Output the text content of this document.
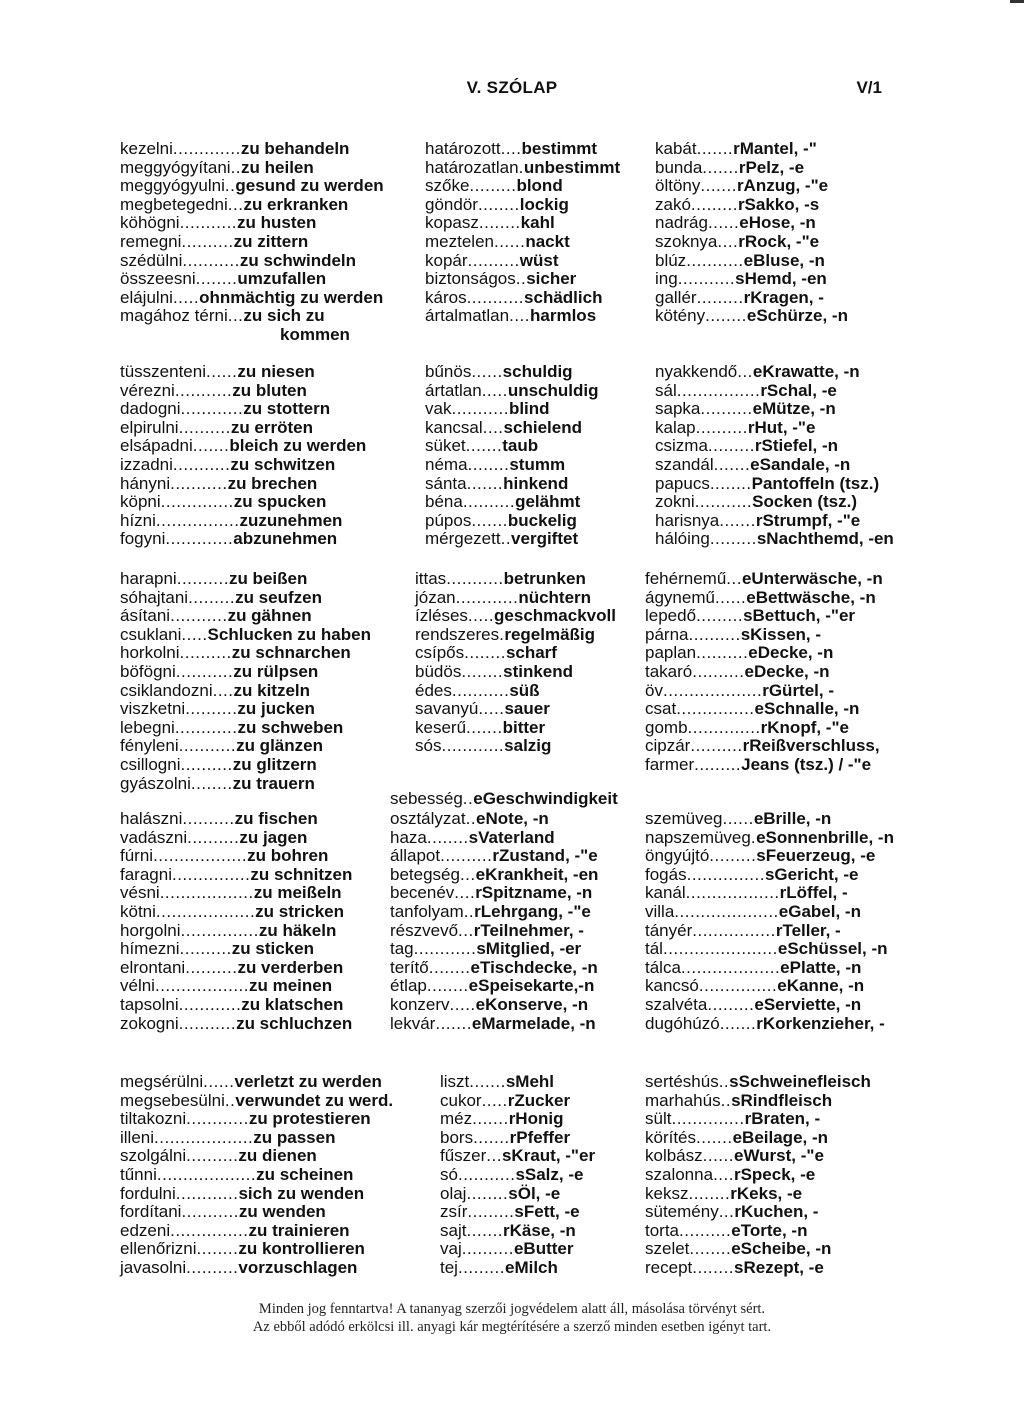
V. SZÓLAP	V/1
kezelni.............zu behandeln
meggyógyítani..zu heilen
meggyógyulni..gesund zu werden
megbetegedni...zu erkranken
köhögni...........zu husten
remegni..........zu zittern
szédülni...........zu schwindeln
összeesni........umzufallen
elájulni.....ohnmächtig zu werden
magához térni...zu sich zu
kommen
határozott....bestimmt
határozatlan.unbestimmt
szőke.........blond
göndör........lockig
kopasz........kahl
meztelen......nackt
kopár..........wüst
biztonságos..sicher
káros...........schädlich
ártalmatlan....harmlos
kabát.......rMantel, -"
bunda.......rPelz, -e
öltöny.......rAnzug, -"e
zakó.........rSakko, -s
nadrág......eHose, -n
szoknya....rRock, -"e
blúz...........eBluse, -n
ing...........sHemd, -en
gallér.........rKragen, -
kötény........eSchürze, -n
tüsszenteni......zu niesen
vérezni...........zu bluten
dadogni............zu stottern
elpirulni..........zu erröten
elsápadni.......bleich zu werden
izzadni...........zu schwitzen
hányni...........zu brechen
köpni..............zu spucken
hízni................zuzunehmen
fogyni.............abzunehmen
bűnös......schuldig
ártatlan.....unschuldig
vak...........blind
kancsal....schielend
süket.......taub
néma........stumm
sánta.......hinkend
béna..........gelähmt
púpos.......buckelig
mérgezett..vergiftet
nyakkendő...eKrawatte, -n
sál................rSchal, -e
sapka..........eMütze, -n
kalap..........rHut, -"e
csizma.........rStiefel, -n
szandál.......eSandale, -n
papucs........Pantoffeln (tsz.)
zokni...........Socken (tsz.)
harisnya.......rStrumpf, -"e
hálóing.........sNachthemd, -en
harapni..........zu beißen
sóhajtani.........zu seufzen
ásítani...........zu gähnen
csuklani.....Schlucken zu haben
horkolni..........zu schnarchen
böfögni...........zu rülpsen
csiklandozni....zu kitzeln
viszketni..........zu jucken
lebegni............zu schweben
fényleni...........zu glänzen
csillogni..........zu glitzern
gyászolni........zu trauern
ittas...........betrunken
józan............nüchtern
ízléses.....geschmackvoll
rendszeres.regelmäßig
csípős........scharf
büdös........stinkend
édes...........süß
savanyú.....sauer
keserű.......bitter
sós............salzig
fehérnemű...eUnterwäsche, -n
ágynemű......eBettwäsche, -n
lepedő.........sBettuch, -"er
párna..........sKissen, -
paplan..........eDecke, -n
takaró..........eDecke, -n
öv...................rGürtel, -
csat...............eSchnalle, -n
gomb..............rKnopf, -"e
cipzár..........rReißverschluss,
farmer.........Jeans (tsz.) / -"e
sebesség..eGeschwindigkeit
halászni..........zu fischen
vadászni..........zu jagen
fúrni..................zu bohren
faragni...............zu schnitzen
vésni..................zu meißeln
kötni...................zu stricken
horgolni...............zu häkeln
hímezni..........zu sticken
elrontani..........zu verderben
vélni..................zu meinen
tapsolni............zu klatschen
zokogni...........zu schluchzen
osztályzat..eNote, -n
haza........sVaterland
állapot..........rZustand, -"e
betegség...eKrankheit, -en
becenév....rSpitzname, -n
tanfolyam..rLehrgang, -"e
részvevő...rTeilnehmer, -
tag............sMitglied, -er
terítő........eTischdecke, -n
étlap........eSpeisekarte,-n
konzerv.....eKonserve, -n
lekvár.......eMarmelade, -n
szemüveg......eBrille, -n
napszemüveg.eSonnenbrille, -n
öngyújtó.........sFeuerzeug, -e
fogás...............sGericht, -e
kanál..................rLöffel, -
villa....................eGabel, -n
tányér................rTeller, -
tál......................eSchüssel, -n
tálca...................ePlatte, -n
kancsó...............eKanne, -n
szalvéta.........eServiette, -n
dugóhúzó.......rKorkenzieher, -
megsérülni......verletzt zu werden
megsebesülni..verwundet zu werd.
tiltakozni............zu protestieren
illeni...................zu passen
szolgálni..........zu dienen
tűnni...................zu scheinen
fordulni............sich zu wenden
fordítani...........zu wenden
edzeni...............zu trainieren
ellenőrizni........zu kontrollieren
javasolni..........vorzuschlagen
liszt.......sMehl
cukor.....rZucker
méz.......rHonig
bors.......rPfeffer
fűszer...sKraut, -"er
só...........sSalz, -e
olaj........sÖl, -e
zsír.........sFett, -e
sajt.......rKäse, -n
vaj..........eButter
tej.........eMilch
sertéshús..sSchweinefleisch
marhahús..sRindfleisch
sült..............rBraten, -
körítés.......eBeilage, -n
kolbász......eWurst, -"e
szalonna....rSpeck, -e
keksz........rKeks, -e
sütemény...rKuchen, -
torta..........eTorte, -n
szelet........eScheibe, -n
recept........sRezept, -e
Minden jog fenntartva! A tananyag szerzői jogvédelem alatt áll, másolása törvényt sért.
Az ebből adódó erkölcsi ill. anyagi kár megtérítésére a szerző minden esetben igényt tart.
